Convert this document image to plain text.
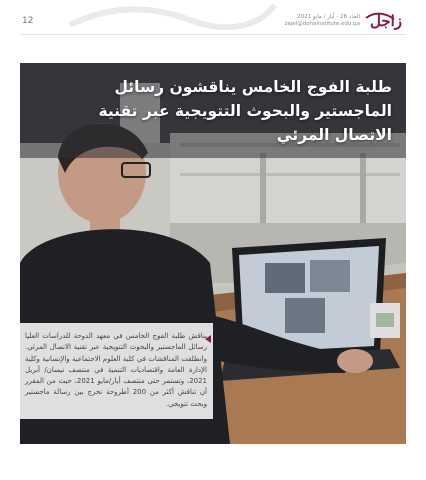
12	العدد 28 - أيار / مايو 2021
zajel@dohainstitute.edu.qa زاجل
طلبة الفوج الخامس يناقشون رسائل الماجستير والبحوث التتويجية عبر تقنية الاتصال المرئي
يناقش طلبة الفوج الخامس في معهد الدوحة للدراسات العليا رسائل الماجستير والبحوث التتويجية عبر تقنية الاتصال المرئي. وانطلقت المناقشات في كلية العلوم الاجتماعية والإنسانية وكلية الإدارة العامة واقتصاديات التنمية في منتصف نيسان/ أبريل 2021، وتستمر حتى منتصف أيار/مايو 2021، حيث من المقرر أن تناقش أكثر من 200 أطروحة تخرج بين رسالة ماجستير وبحث تتويجي.
